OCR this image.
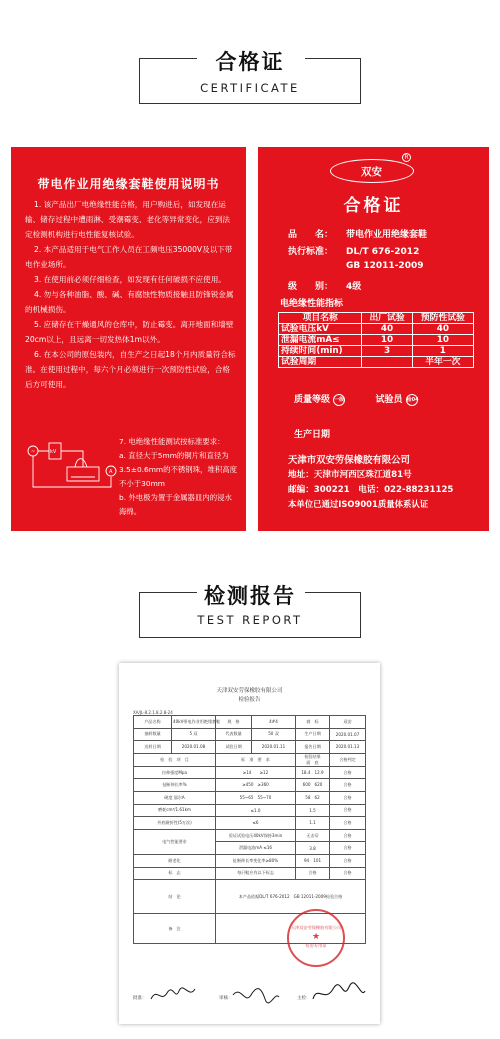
合格证
CERTIFICATE
带电作业用绝缘套鞋使用说明书

1. 该产品出厂电绝缘性能合格，用户购进后，如发现在运输、储存过程中遭雨淋、受潮霉变、老化等异常变化，应到法定检测机构进行电性能复核试验。

2. 本产品适用于电气工作人员在工频电压35000V及以下带电作业场所。

3. 在使用前必须仔细检查，如发现有任何破损不应使用。

4. 勿与各种油脂、酸、碱、有腐蚀性物质接触且防锋锐金属的机械损伤。

5. 应储存在干燥通风的仓库中，防止霉变。离开地面和墙壁20cm以上，且远离一切发热体1m以外。

6. 在本公司的原包装内，自生产之日起18个月内质量符合标准。在使用过程中，每六个月必须进行一次预防性试验，合格后方可使用。

7. 电绝缘性能测试按标准要求：
a. 直径大于5mm的铜片和直径为3.5±0.6mm的不锈钢珠，堆积高度不小于30mm
b. 外电极为置于金属器皿内的浸水海绵。
~	kV
A
双安
R
合格证
品　　名： 带电作业用绝缘套鞋
执行标准： DL/T 676-2012
GB 12011-2009
级　　别： 4级
电绝缘性能指标
项目名称	出厂试验	预防性试验
试验电压kV	40	40
泄漏电流mA≤	10	10
持续时间(min)	3	1
试验周期		半年一次
质量等级 一级	试验员 检04
生产日期
天津市双安劳保橡胶有限公司
地址：天津市河西区珠江道81号
邮编：300221　 电话：022-88231125
本单位已通过ISO9001质量体系认证
检测报告
TEST REPORT
天津双安劳保橡胶有限公司
检验报告
XA/JL-8.2.1.8.2.8-24
产品名称	40kV带电作业用绝缘套鞋	规　格	4#4	商　标	双安
抽样数量	5 双	代表数量	50 双	生产日期	2020.01.07
送样日期	2020.01.08	试验日期	2020.01.11	报告日期	2020.01.13
检　验　项　目		标　准　要　求		检验结果
面　 底	合格判定
拉伸强度Mpa		≥14　　≥12		18.4　12.9	合格
扯断伸长率%		≥450　≥360		600　620	合格
硬度 邵尔A		55~65　55~70		58　62	合格
磨耗cm³/1.61km		≤1.0		1.5	合格
外底耐折性(5万次)		≤6		1.1	合格
电气性能要求		验证试验电压40kV保持3min		无击穿	合格
		泄漏电流mA ≤16		3.8	合格
耐老化		扯断伸长率变化率≥80%		94　101	合格
标　志		每只鞋应有以下标志		合格	合格
结　论		本产品依据DL/T 676-2012　GB 12011-2009检验合格			
备　注						天津双安劳保橡胶有限公司
★
检验专用章
批准：	审核：	主检：
